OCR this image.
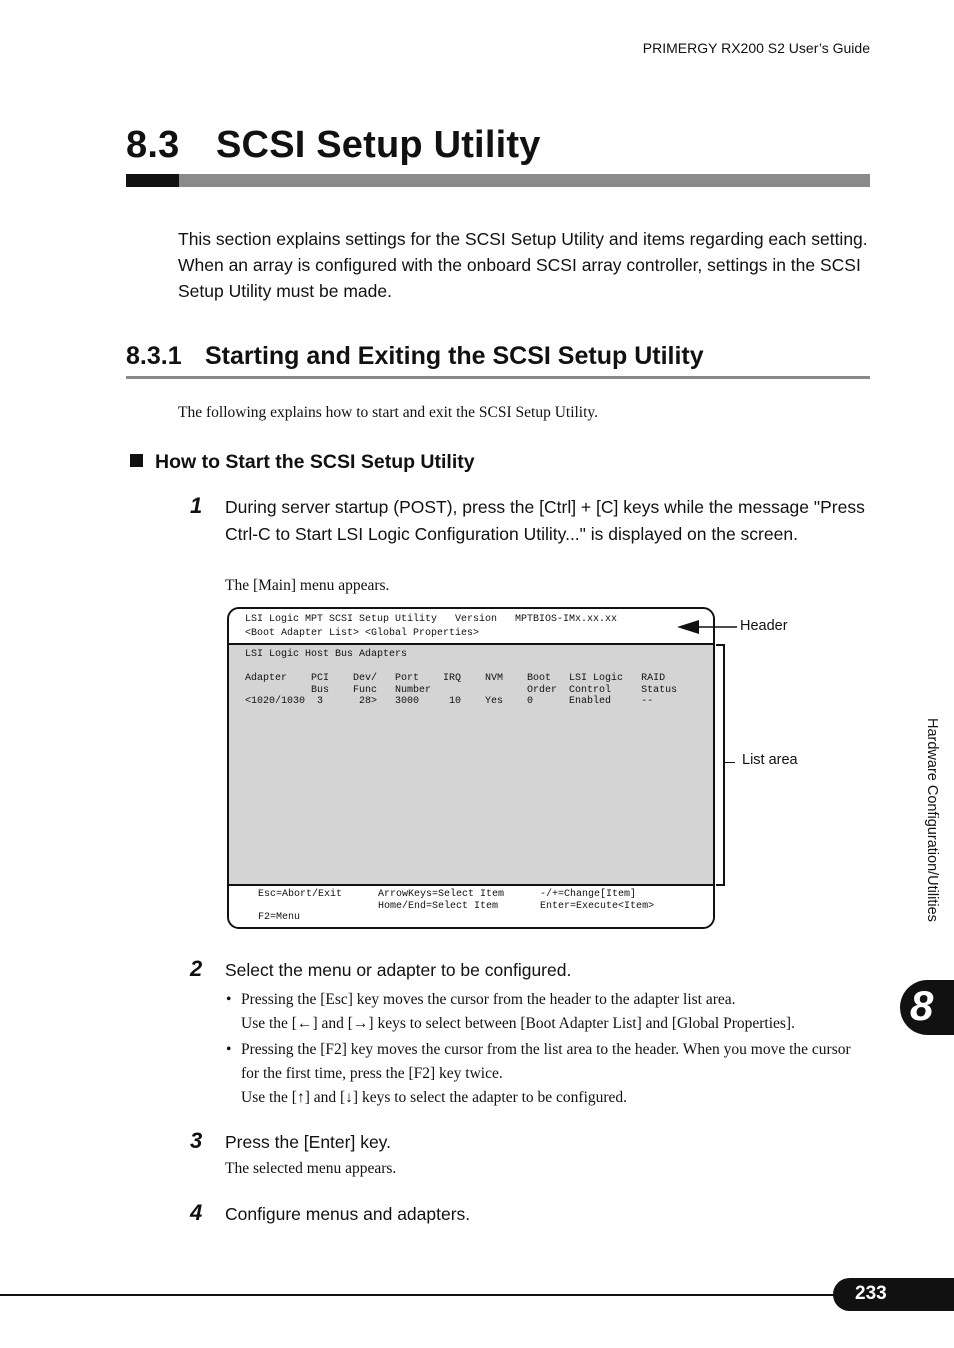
PRIMERGY RX200 S2 User’s Guide
8.3 SCSI Setup Utility
This section explains settings for the SCSI Setup Utility and items regarding each setting. When an array is configured with the onboard SCSI array controller, settings in the SCSI Setup Utility must be made.
8.3.1 Starting and Exiting the SCSI Setup Utility
The following explains how to start and exit the SCSI Setup Utility.
How to Start the SCSI Setup Utility
1 During server startup (POST), press the [Ctrl] + [C] keys while the message "Press Ctrl-C to Start LSI Logic Configuration Utility..." is displayed on the screen.
The [Main] menu appears.
LSI Logic MPT SCSI Setup Utility   Version   MPTBIOS-IMx.xx.xx
<Boot Adapter List> <Global Properties>
LSI Logic Host Bus Adapters
Adapter    PCI    Dev/   Port    IRQ    NVM    Boot   LSI Logic   RAID
Bus    Func   Number                Order  Control     Status
<1020/1030  3      28>   3000     10    Yes    0      Enabled     --
Esc=Abort/Exit      ArrowKeys=Select Item      -/+=Change[Item]
Home/End=Select Item       Enter=Execute<Item>
F2=Menu
Header
List area
2 Select the menu or adapter to be configured.
• Pressing the [Esc] key moves the cursor from the header to the adapter list area.
Use the [←] and [→] keys to select between [Boot Adapter List] and [Global Properties].
• Pressing the [F2] key moves the cursor from the list area to the header. When you move the cursor for the first time, press the [F2] key twice.
Use the [↑] and [↓] keys to select the adapter to be configured.
3 Press the [Enter] key.
The selected menu appears.
4 Configure menus and adapters.
Hardware Configuration/Utilities
8
233
